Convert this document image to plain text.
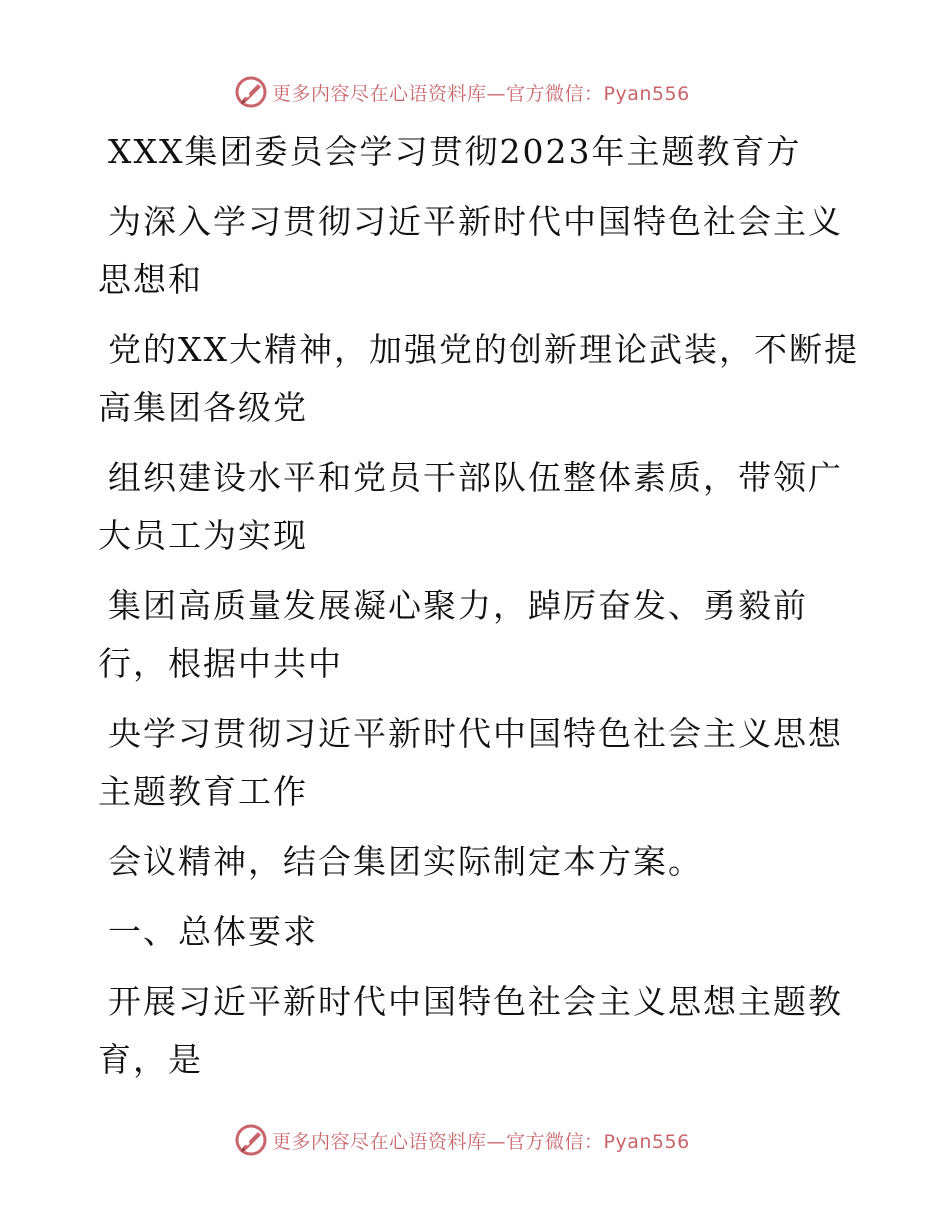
更多内容尽在心语资料库—官方微信：Pyan556
XXX集团委员会学习贯彻2023年主题教育方
为深入学习贯彻习近平新时代中国特色社会主义
思想和
党的XX大精神，加强党的创新理论武装，不断提
高集团各级党
组织建设水平和党员干部队伍整体素质，带领广
大员工为实现
集团高质量发展凝心聚力，踔厉奋发、勇毅前
行，根据中共中
央学习贯彻习近平新时代中国特色社会主义思想
主题教育工作
会议精神，结合集团实际制定本方案。
一、总体要求
开展习近平新时代中国特色社会主义思想主题教
育，是
更多内容尽在心语资料库—官方微信：Pyan556
